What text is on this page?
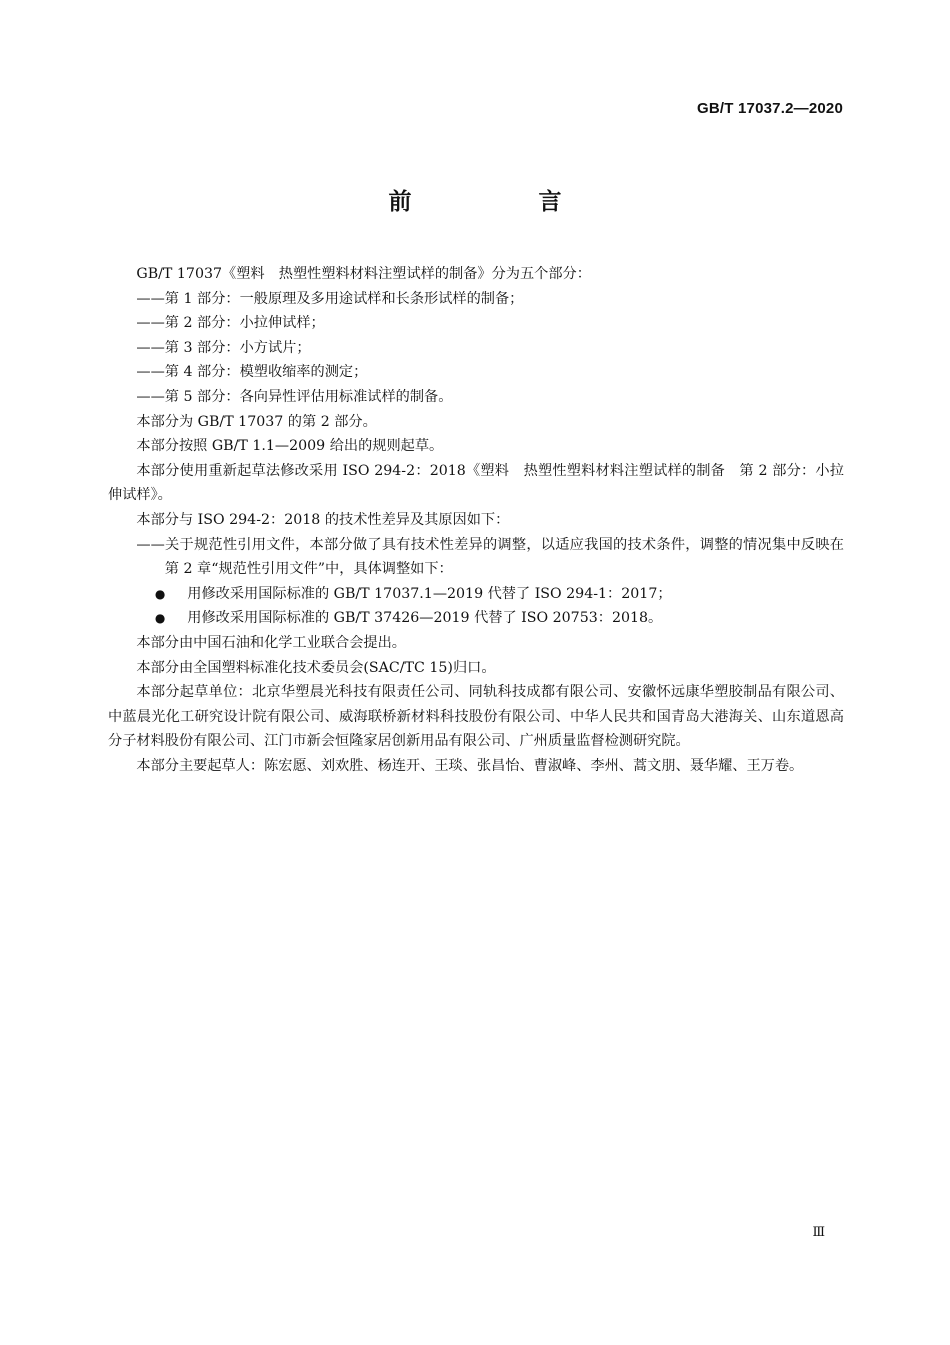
GB/T 17037.2—2020
前　言

GB/T 17037《塑料　热塑性塑料材料注塑试样的制备》分为五个部分：

——第 1 部分：一般原理及多用途试样和长条形试样的制备；

——第 2 部分：小拉伸试样；

——第 3 部分：小方试片；

——第 4 部分：模塑收缩率的测定；

——第 5 部分：各向异性评估用标准试样的制备。

本部分为 GB/T 17037 的第 2 部分。

本部分按照 GB/T 1.1—2009 给出的规则起草。

本部分使用重新起草法修改采用 ISO 294-2：2018《塑料　热塑性塑料材料注塑试样的制备　第 2 部分：小拉伸试样》。

本部分与 ISO 294-2：2018 的技术性差异及其原因如下：

——关于规范性引用文件，本部分做了具有技术性差异的调整，以适应我国的技术条件，调整的情况集中反映在第 2 章“规范性引用文件”中，具体调整如下：

● 用修改采用国际标准的 GB/T 17037.1—2019 代替了 ISO 294-1：2017；

● 用修改采用国际标准的 GB/T 37426—2019 代替了 ISO 20753：2018。

本部分由中国石油和化学工业联合会提出。

本部分由全国塑料标准化技术委员会(SAC/TC 15)归口。

本部分起草单位：北京华塑晨光科技有限责任公司、同轨科技成都有限公司、安徽怀远康华塑胶制品有限公司、中蓝晨光化工研究设计院有限公司、威海联桥新材料科技股份有限公司、中华人民共和国青岛大港海关、山东道恩高分子材料股份有限公司、江门市新会恒隆家居创新用品有限公司、广州质量监督检测研究院。

本部分主要起草人：陈宏愿、刘欢胜、杨连开、王琰、张昌怡、曹淑峰、李州、蒿文朋、聂华耀、王万卷。

Ⅲ
